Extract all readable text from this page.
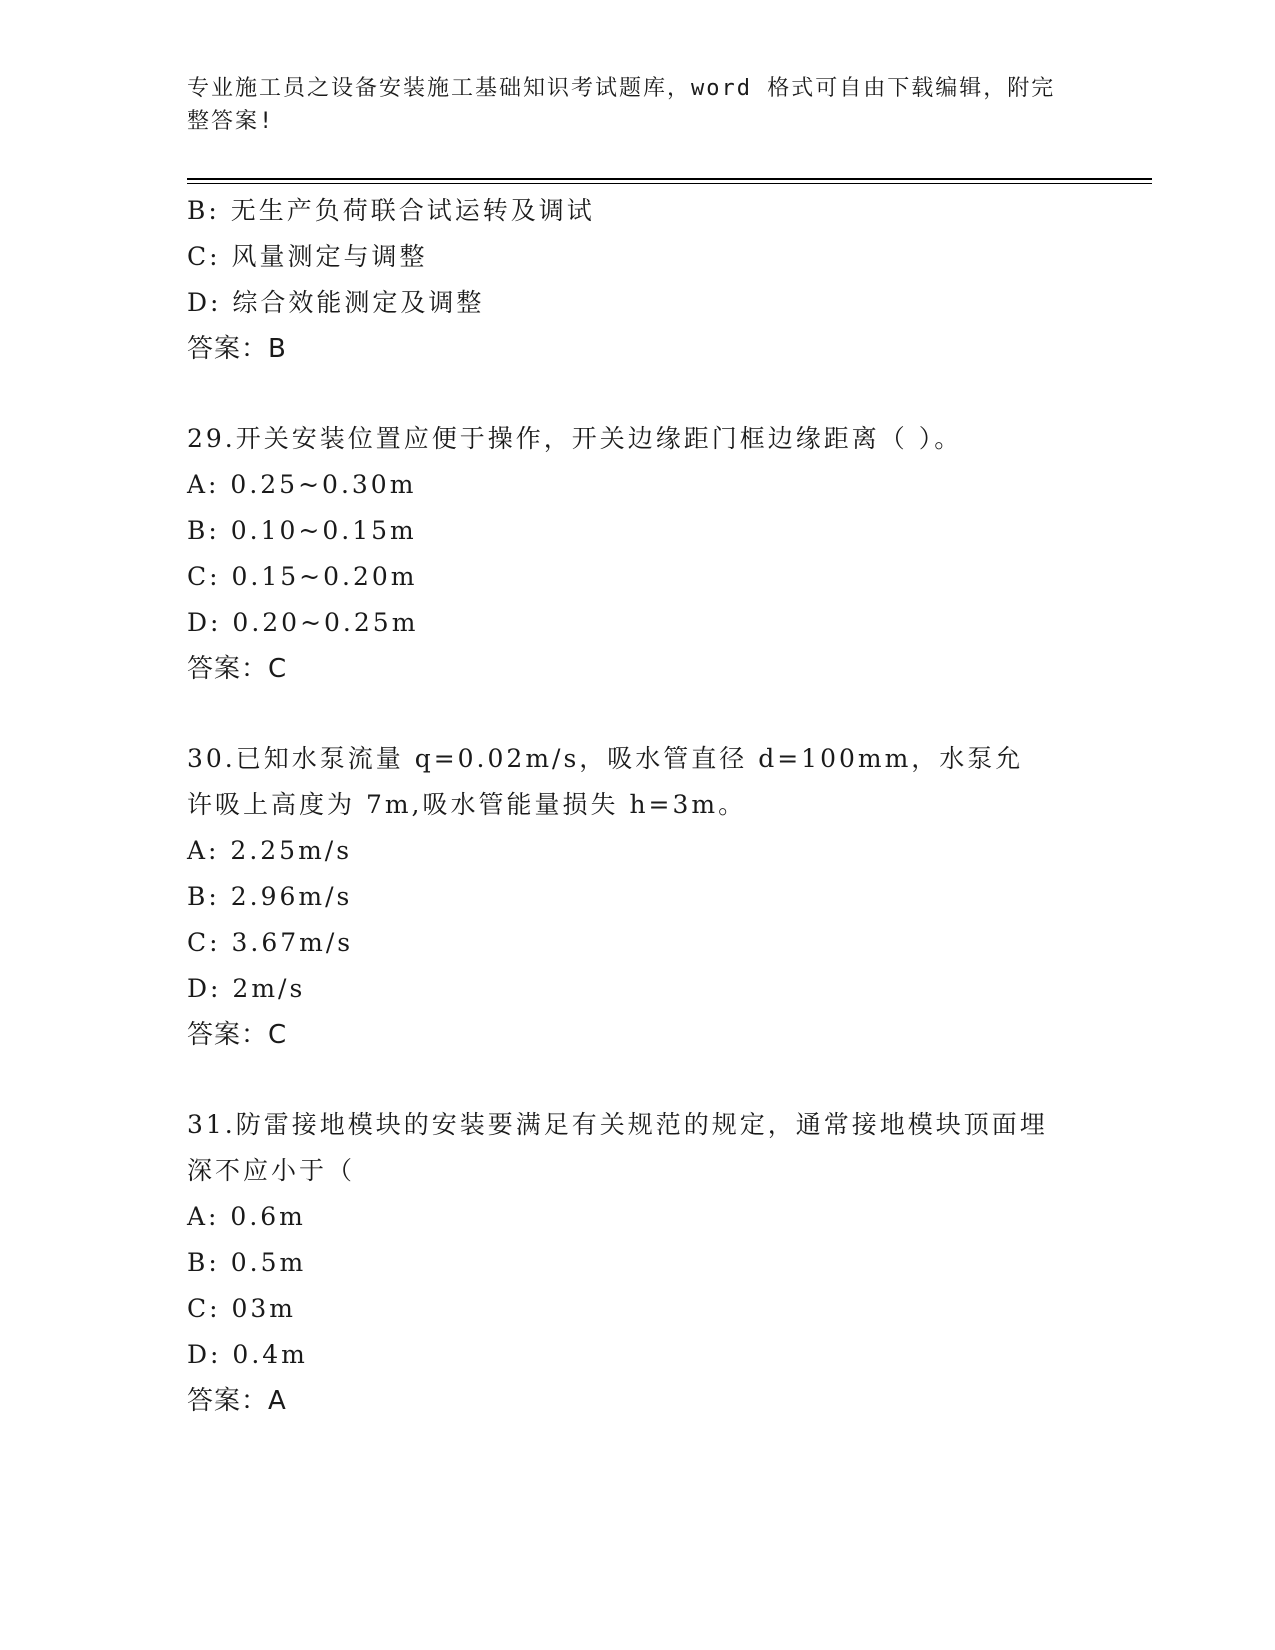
专业施工员之设备安装施工基础知识考试题库，word 格式可自由下载编辑，附完整答案!
B: 无生产负荷联合试运转及调试
C: 风量测定与调整
D: 综合效能测定及调整
答案：B
29.开关安装位置应便于操作，开关边缘距门框边缘距离（ ）。
A: 0.25~0.30m
B: 0.10~0.15m
C: 0.15~0.20m
D: 0.20~0.25m
答案：C
30.已知水泵流量 q=0.02m/s，吸水管直径 d=100mm，水泵允许吸上高度为 7m,吸水管能量损失 h=3m。
A: 2.25m/s
B: 2.96m/s
C: 3.67m/s
D: 2m/s
答案：C
31.防雷接地模块的安装要满足有关规范的规定，通常接地模块顶面埋深不应小于（
A: 0.6m
B: 0.5m
C: 03m
D: 0.4m
答案：A
